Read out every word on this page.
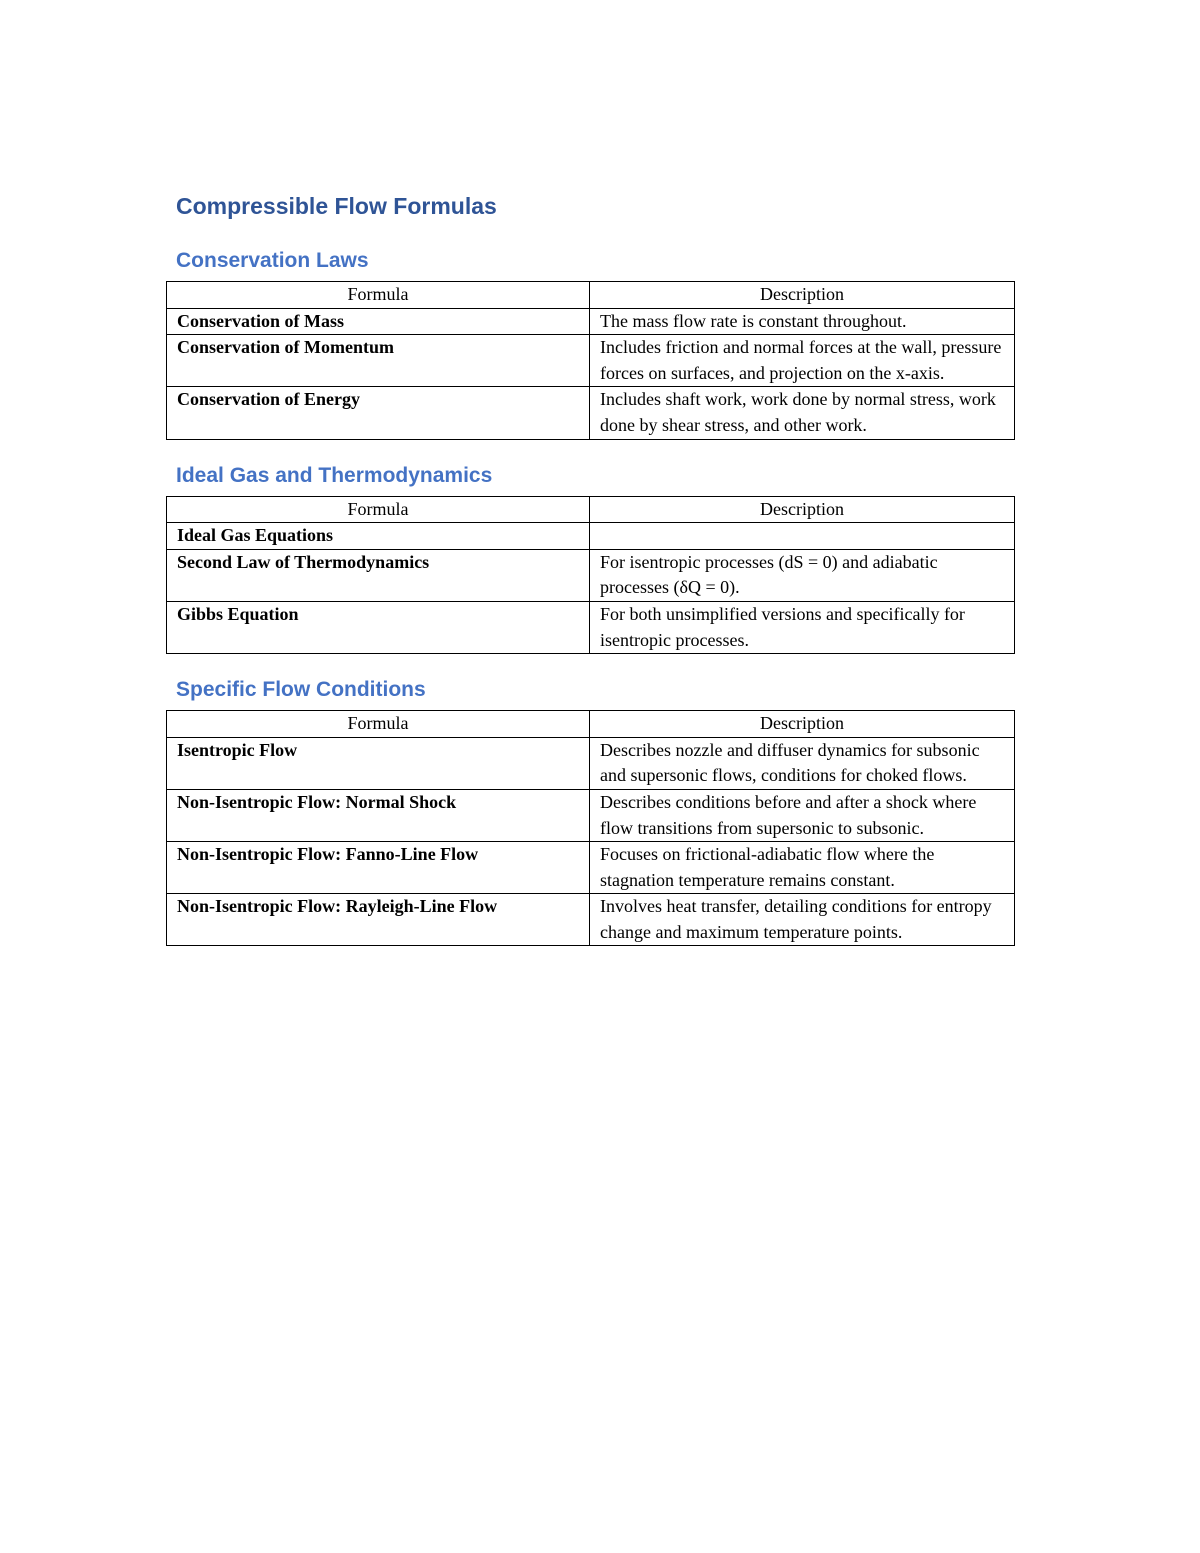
Compressible Flow Formulas
Conservation Laws
Formula	Description
Conservation of Mass	The mass flow rate is constant throughout.
Conservation of Momentum	Includes friction and normal forces at the wall, pressure forces on surfaces, and projection on the x-axis.
Conservation of Energy	Includes shaft work, work done by normal stress, work done by shear stress, and other work.
Ideal Gas and Thermodynamics
Formula	Description
Ideal Gas Equations	
Second Law of Thermodynamics	For isentropic processes (dS = 0) and adiabatic processes (δQ = 0).
Gibbs Equation	For both unsimplified versions and specifically for isentropic processes.
Specific Flow Conditions
Formula	Description
Isentropic Flow	Describes nozzle and diffuser dynamics for subsonic and supersonic flows, conditions for choked flows.
Non-Isentropic Flow: Normal Shock	Describes conditions before and after a shock where flow transitions from supersonic to subsonic.
Non-Isentropic Flow: Fanno-Line Flow	Focuses on frictional-adiabatic flow where the stagnation temperature remains constant.
Non-Isentropic Flow: Rayleigh-Line Flow	Involves heat transfer, detailing conditions for entropy change and maximum temperature points.
